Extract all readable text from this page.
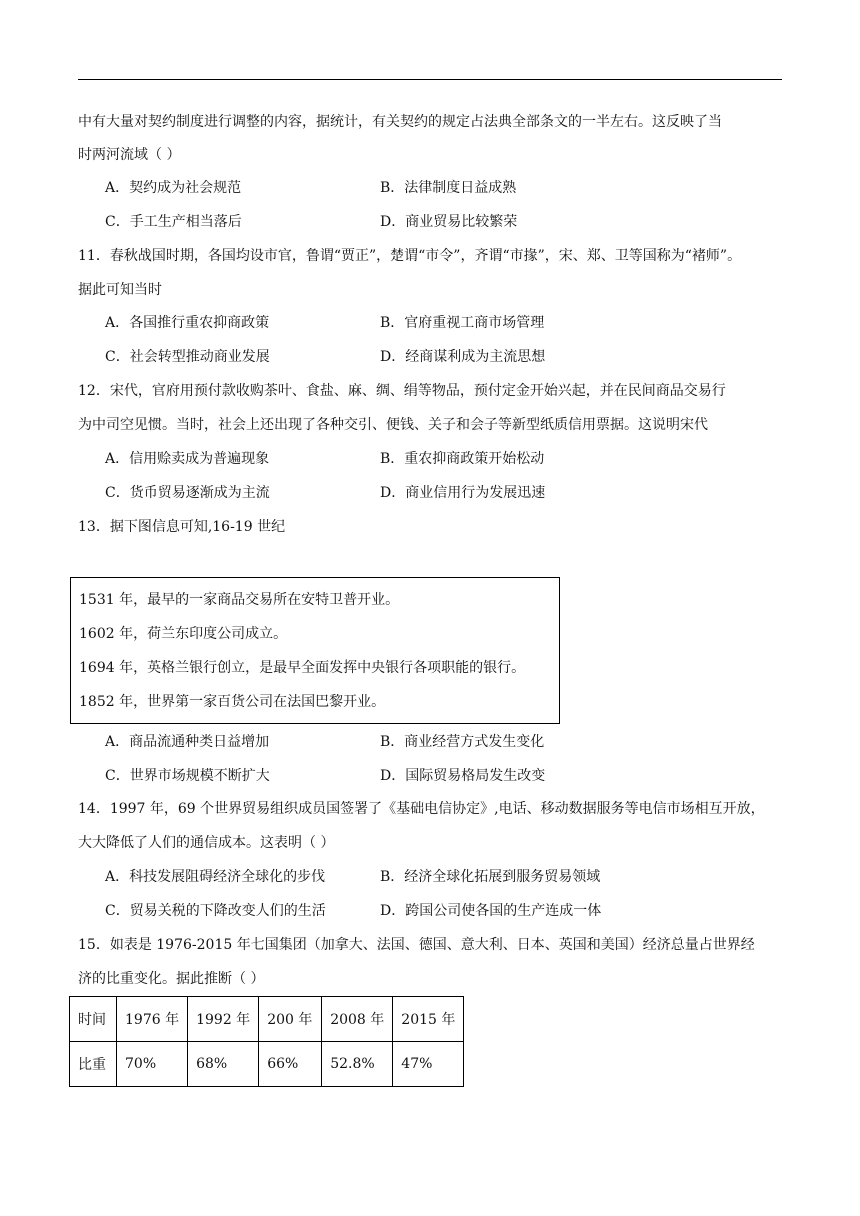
中有大量对契约制度进行调整的内容，据统计，有关契约的规定占法典全部条文的一半左右。这反映了当
时两河流域（ ）
A．契约成为社会规范	B．法律制度日益成熟
C．手工生产相当落后	D．商业贸易比较繁荣
11．春秋战国时期，各国均设市官，鲁谓“贾正”，楚谓“市令”，齐谓“市掾”，宋、郑、卫等国称为“褚师”。
据此可知当时
A．各国推行重农抑商政策	B．官府重视工商市场管理
C．社会转型推动商业发展	D．经商谋利成为主流思想
12．宋代，官府用预付款收购茶叶、食盐、麻、绸、绢等物品，预付定金开始兴起，并在民间商品交易行
为中司空见惯。当时，社会上还出现了各种交引、便钱、关子和会子等新型纸质信用票据。这说明宋代
A．信用赊卖成为普遍现象	B．重农抑商政策开始松动
C．货币贸易逐渐成为主流	D．商业信用行为发展迅速
13．据下图信息可知,16-19 世纪
1531 年，最早的一家商品交易所在安特卫普开业。
1602 年，荷兰东印度公司成立。
1694 年，英格兰银行创立，是最早全面发挥中央银行各项职能的银行。
1852 年，世界第一家百货公司在法国巴黎开业。
A．商品流通种类日益增加	B．商业经营方式发生变化
C．世界市场规模不断扩大	D．国际贸易格局发生改变
14．1997 年，69 个世界贸易组织成员国签署了《基础电信协定》,电话、移动数据服务等电信市场相互开放，
大大降低了人们的通信成本。这表明（ ）
A．科技发展阻碍经济全球化的步伐	B．经济全球化拓展到服务贸易领域
C．贸易关税的下降改变人们的生活	D．跨国公司使各国的生产连成一体
15．如表是 1976-2015 年七国集团（加拿大、法国、德国、意大利、日本、英国和美国）经济总量占世界经
济的比重变化。据此推断（ ）
时间	1976 年	1992 年	200 年	2008 年	2015 年
比重	70%	68%	66%	52.8%	47%
